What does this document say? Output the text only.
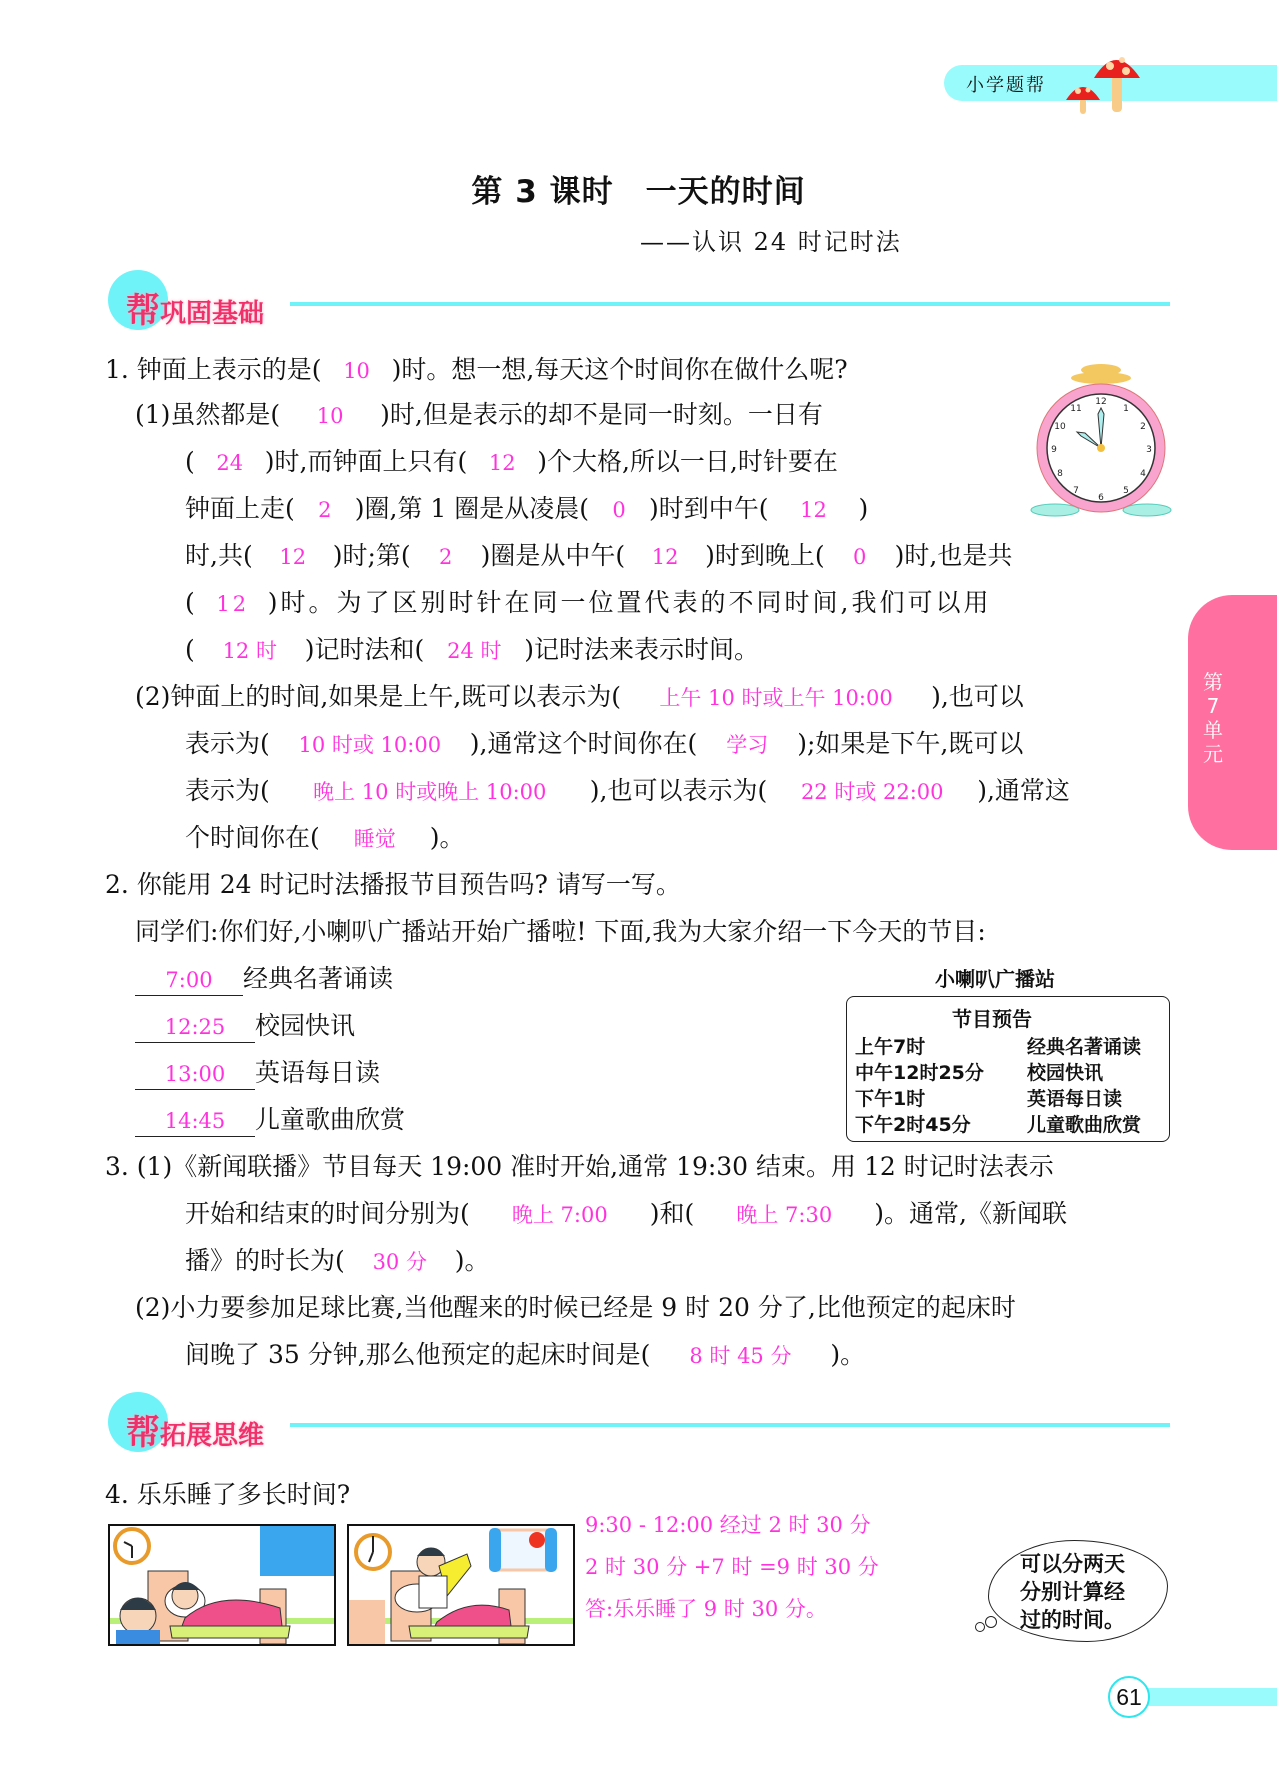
小学题帮
第 3 课时　一天的时间
——认识 24 时记时法
帮巩固基础
第7单元
1. 钟面上表示的是( 10 )时。想一想,每天这个时间你在做什么呢?
12
1
2
3
4
5
6
7
8
9
10
11
(1)虽然都是( 10 )时,但是表示的却不是同一时刻。一日有
( 24 )时,而钟面上只有( 12 )个大格,所以一日,时针要在
钟面上走( 2 )圈,第 1 圈是从凌晨( 0 )时到中午( 12 )
时,共( 12 )时;第( 2 )圈是从中午( 12 )时到晚上( 0 )时,也是共
( 12 )时。为了区别时针在同一位置代表的不同时间,我们可以用
( 12 时 )记时法和( 24 时 )记时法来表示时间。
(2)钟面上的时间,如果是上午,既可以表示为( 上午 10 时或上午 10:00 ),也可以
表示为( 10 时或 10:00 ),通常这个时间你在( 学习 );如果是下午,既可以
表示为( 晚上 10 时或晚上 10:00 ),也可以表示为( 22 时或 22:00 ),通常这
个时间你在( 睡觉 )。
2. 你能用 24 时记时法播报节目预告吗? 请写一写。
同学们:你们好,小喇叭广播站开始广播啦! 下面,我为大家介绍一下今天的节目:
7:00 经典名著诵读
12:25 校园快讯
13:00 英语每日读
14:45 儿童歌曲欣赏
小喇叭广播站
节目预告
上午7时	经典名著诵读
中午12时25分 校园快讯
下午1时	英语每日读
下午2时45分	儿童歌曲欣赏
3. (1)《新闻联播》节目每天 19:00 准时开始,通常 19:30 结束。用 12 时记时法表示
开始和结束的时间分别为( 晚上 7:00 )和( 晚上 7:30 )。通常,《新闻联
播》的时长为( 30 分 )。
(2)小力要参加足球比赛,当他醒来的时候已经是 9 时 20 分了,比他预定的起床时
间晚了 35 分钟,那么他预定的起床时间是( 8 时 45 分 )。
帮拓展思维
4. 乐乐睡了多长时间?
9:30 - 12:00 经过 2 时 30 分
2 时 30 分 +7 时 =9 时 30 分
答:乐乐睡了 9 时 30 分。
可以分两天
分别计算经
过的时间。
61
